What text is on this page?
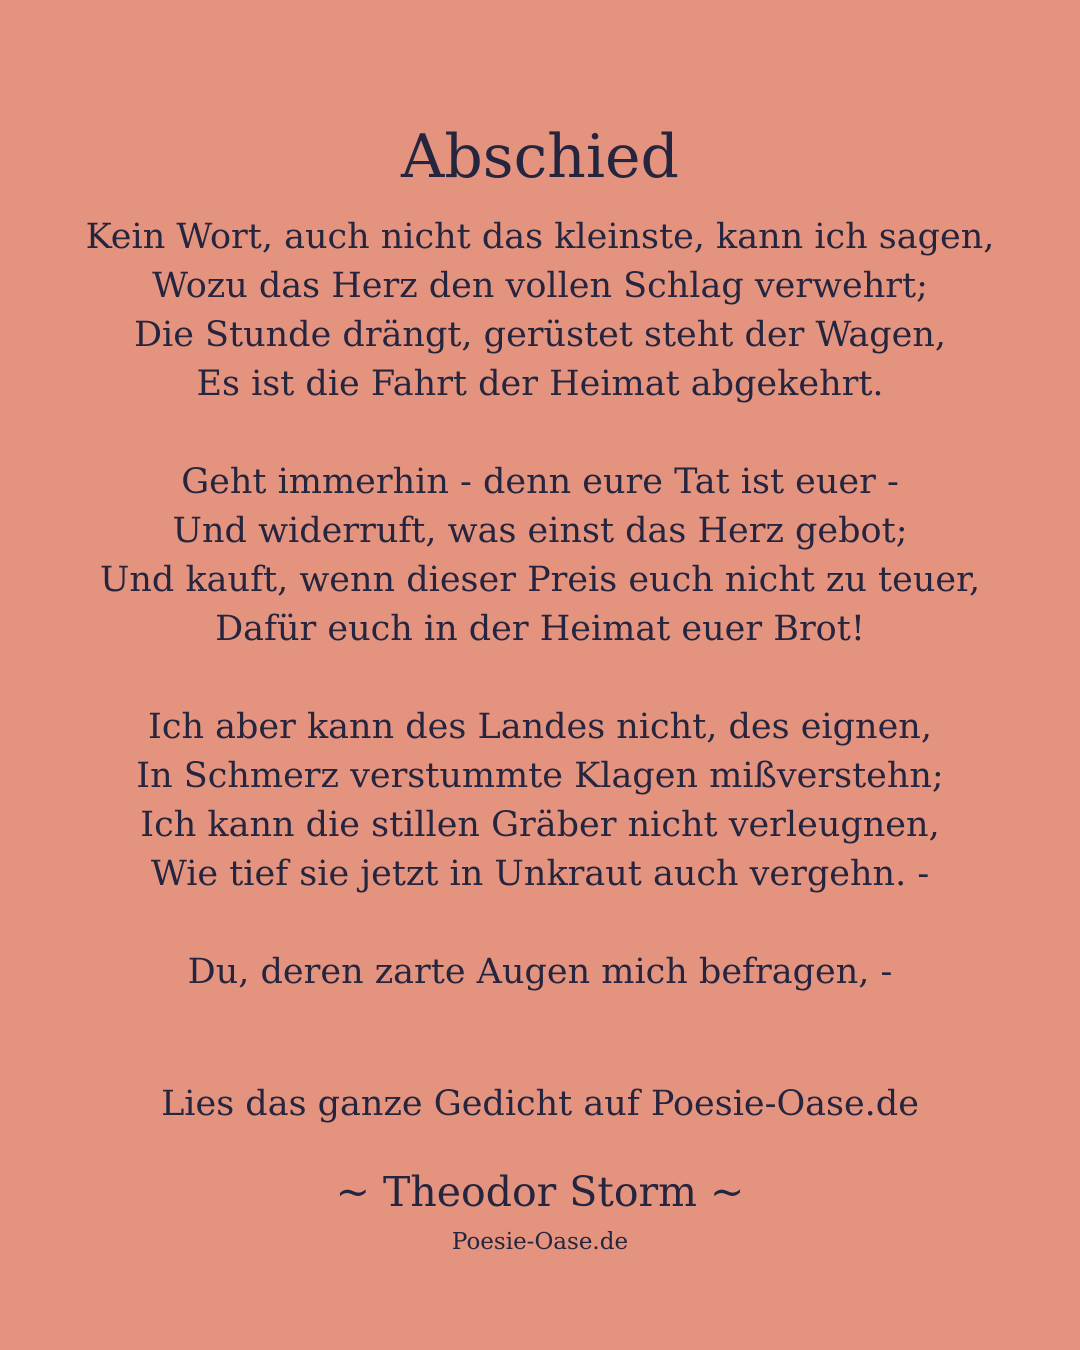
Abschied
Kein Wort, auch nicht das kleinste, kann ich sagen,
Wozu das Herz den vollen Schlag verwehrt;
Die Stunde drängt, gerüstet steht der Wagen,
Es ist die Fahrt der Heimat abgekehrt.
Geht immerhin - denn eure Tat ist euer -
Und widerruft, was einst das Herz gebot;
Und kauft, wenn dieser Preis euch nicht zu teuer,
Dafür euch in der Heimat euer Brot!
Ich aber kann des Landes nicht, des eignen,
In Schmerz verstummte Klagen mißverstehn;
Ich kann die stillen Gräber nicht verleugnen,
Wie tief sie jetzt in Unkraut auch vergehn. -
Du, deren zarte Augen mich befragen, -

Lies das ganze Gedicht auf Poesie-Oase.de

~ Theodor Storm ~

Poesie-Oase.de
